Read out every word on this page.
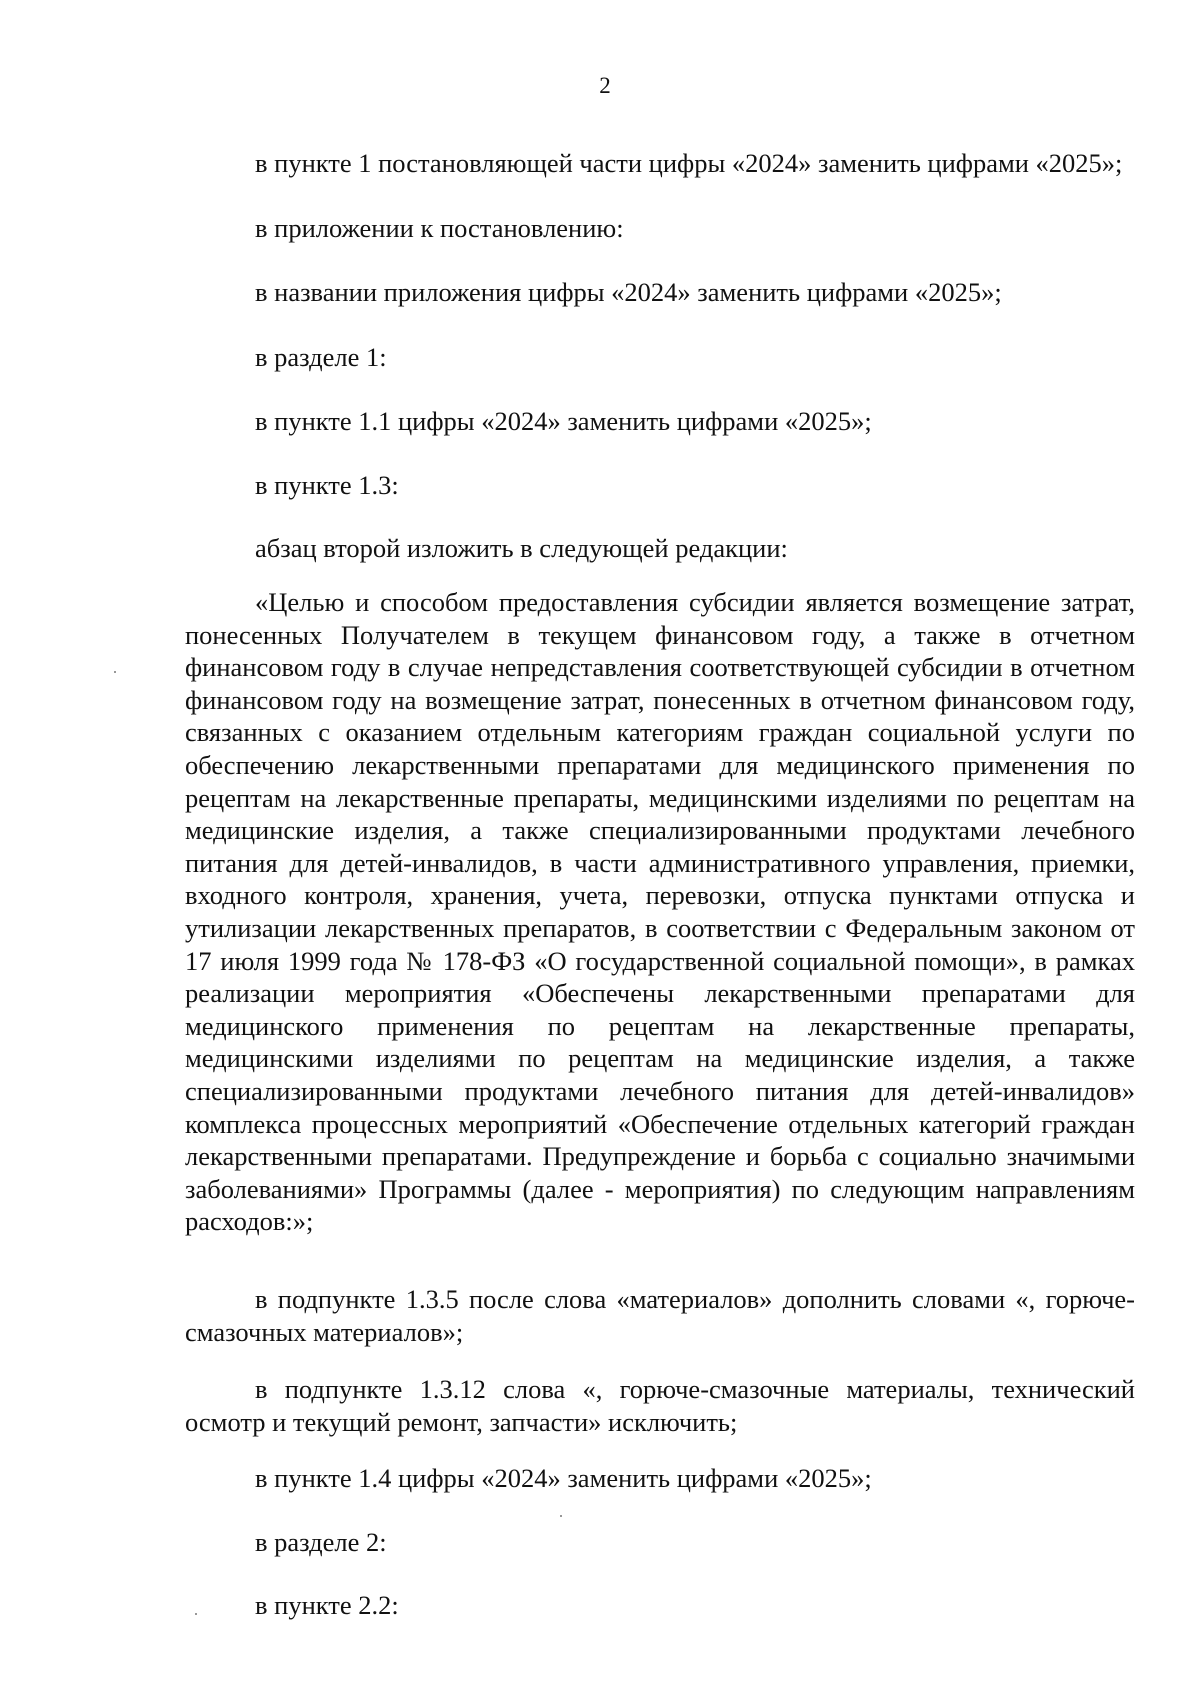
2
в пункте 1 постановляющей части цифры «2024» заменить цифрами «2025»;
в приложении к постановлению:
в названии приложения цифры «2024» заменить цифрами «2025»;
в разделе 1:
в пункте 1.1 цифры «2024» заменить цифрами «2025»;
в пункте 1.3:
абзац второй изложить в следующей редакции:

«Целью и способом предоставления субсидии является возмещение затрат, понесенных Получателем в текущем финансовом году, а также в отчетном финансовом году в случае непредставления соответствующей субсидии в отчетном финансовом году на возмещение затрат, понесенных в отчетном финансовом году, связанных с оказанием отдельным категориям граждан социальной услуги по обеспечению лекарственными препаратами для медицинского применения по рецептам на лекарственные препараты, медицинскими изделиями по рецептам на медицинские изделия, а также специализированными продуктами лечебного питания для детей-инвалидов, в части административного управления, приемки, входного контроля, хранения, учета, перевозки, отпуска пунктами отпуска и утилизации лекарственных препаратов, в соответствии с Федеральным законом от 17 июля 1999 года № 178-ФЗ «О государственной социальной помощи», в рамках реализации мероприятия «Обеспечены лекарственными препаратами для медицинского применения по рецептам на лекарственные препараты, медицинскими изделиями по рецептам на медицинские изделия, а также специализированными продуктами лечебного питания для детей-инвалидов» комплекса процессных мероприятий «Обеспечение отдельных категорий граждан лекарственными препаратами. Предупреждение и борьба с социально значимыми заболеваниями» Программы (далее - мероприятия) по следующим направлениям расходов:»;

в подпункте 1.3.5 после слова «материалов» дополнить словами «, горюче-смазочных материалов»;

в подпункте 1.3.12 слова «, горюче-смазочные материалы, технический осмотр и текущий ремонт, запчасти» исключить;

в пункте 1.4 цифры «2024» заменить цифрами «2025»;
в разделе 2:
в пункте 2.2:
